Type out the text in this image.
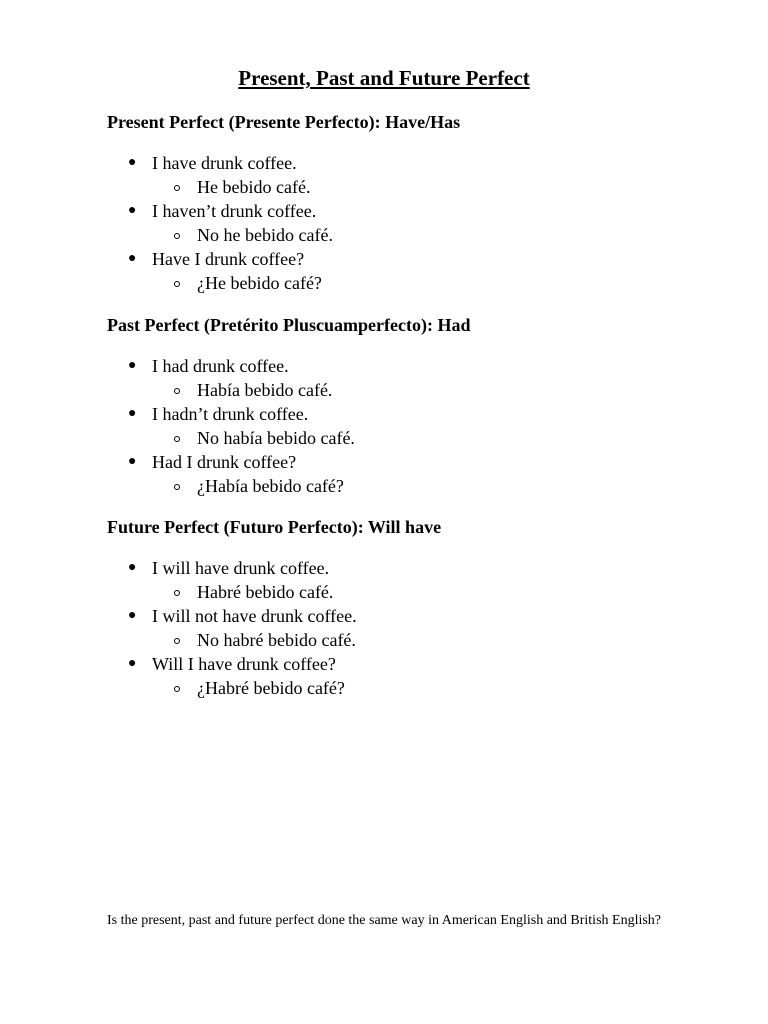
Present, Past and Future Perfect
Present Perfect (Presente Perfecto): Have/Has
● I have drunk coffee.
He bebido café.
● I haven’t drunk coffee.
No he bebido café.
● Have I drunk coffee?
¿He bebido café?
Past Perfect (Pretérito Pluscuamperfecto): Had
● I had drunk coffee.
Había bebido café.
● I hadn’t drunk coffee.
No había bebido café.
● Had I drunk coffee?
¿Había bebido café?
Future Perfect (Futuro Perfecto): Will have
● I will have drunk coffee.
Habré bebido café.
● I will not have drunk coffee.
No habré bebido café.
● Will I have drunk coffee?
¿Habré bebido café?

Is the present, past and future perfect done the same way in American English and British English?
